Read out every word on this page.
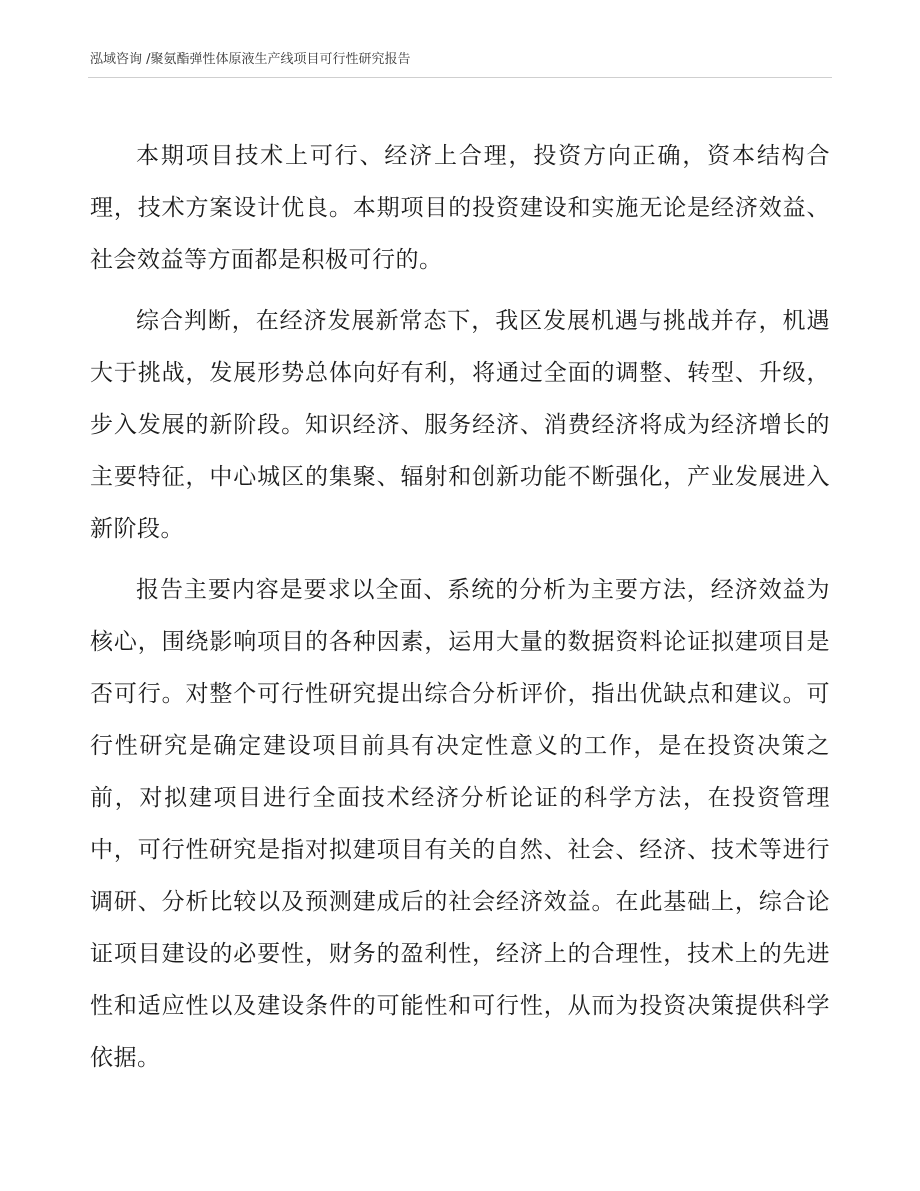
泓域咨询 /聚氨酯弹性体原液生产线项目可行性研究报告

本期项目技术上可行、经济上合理，投资方向正确，资本结构合理，技术方案设计优良。本期项目的投资建设和实施无论是经济效益、社会效益等方面都是积极可行的。

综合判断，在经济发展新常态下，我区发展机遇与挑战并存，机遇大于挑战，发展形势总体向好有利，将通过全面的调整、转型、升级，步入发展的新阶段。知识经济、服务经济、消费经济将成为经济增长的主要特征，中心城区的集聚、辐射和创新功能不断强化，产业发展进入新阶段。

报告主要内容是要求以全面、系统的分析为主要方法，经济效益为核心，围绕影响项目的各种因素，运用大量的数据资料论证拟建项目是否可行。对整个可行性研究提出综合分析评价，指出优缺点和建议。可行性研究是确定建设项目前具有决定性意义的工作，是在投资决策之前，对拟建项目进行全面技术经济分析论证的科学方法，在投资管理中，可行性研究是指对拟建项目有关的自然、社会、经济、技术等进行调研、分析比较以及预测建成后的社会经济效益。在此基础上，综合论证项目建设的必要性，财务的盈利性，经济上的合理性，技术上的先进性和适应性以及建设条件的可能性和可行性，从而为投资决策提供科学依据。
